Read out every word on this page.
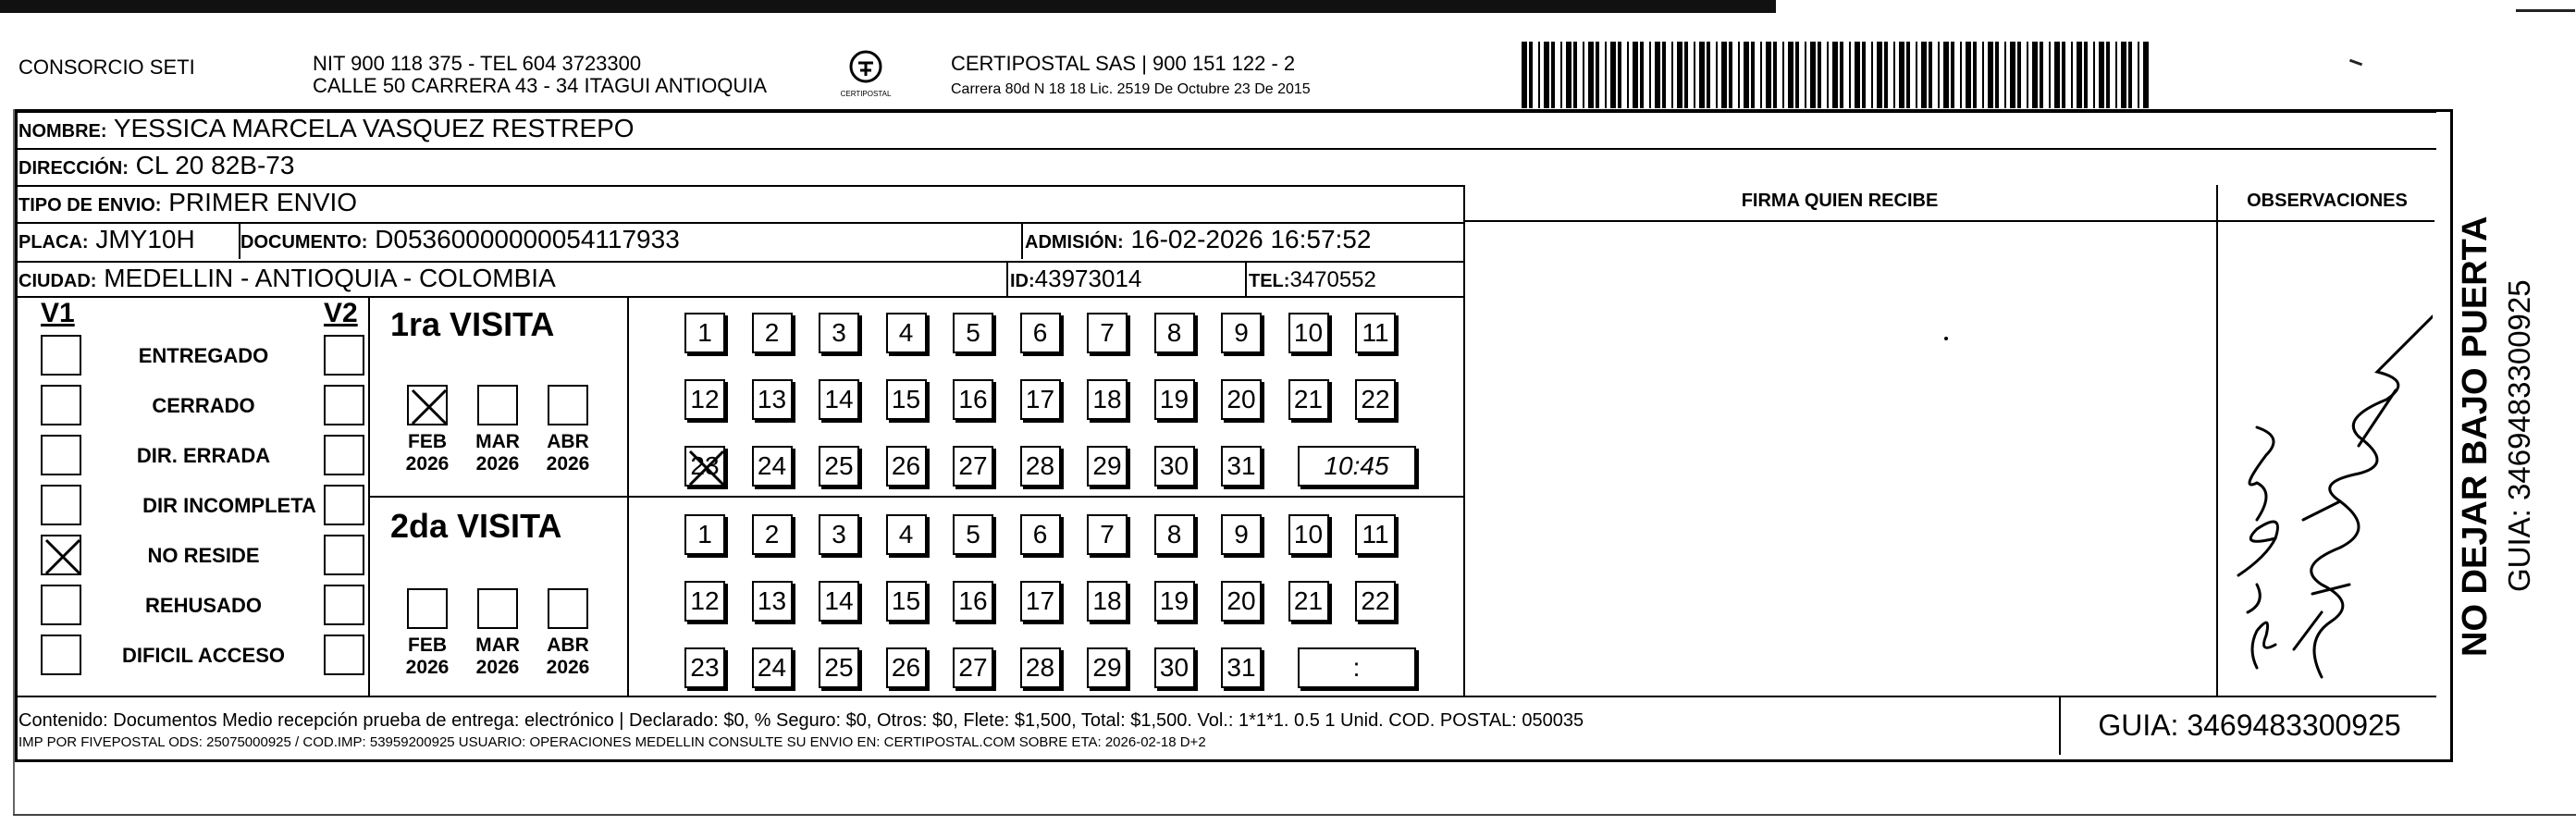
CONSORCIO SETI	NIT 900 118 375 - TEL 604 3723300
CALLE 50 CARRERA 43 - 34 ITAGUI ANTIOQUIA	CERTIPOSTAL
CERTIPOSTAL SAS | 900 151 122 - 2
Carrera 80d N 18 18 Lic. 2519 De Octubre 23 De 2015
NOMBRE: YESSICA MARCELA VASQUEZ RESTREPO
DIRECCIÓN: CL 20 82B-73
TIPO DE ENVIO: PRIMER ENVIO
PLACA: JMY10H	DOCUMENTO: D05360000000054117933	ADMISIÓN: 16-02-2026 16:57:52
CIUDAD: MEDELLIN - ANTIOQUIA - COLOMBIA	ID:43973014	TEL:3470552
FIRMA QUIEN RECIBE	OBSERVACIONES
V1	V2
ENTREGADO
CERRADO
DIR. ERRADA
DIR INCOMPLETA
NO RESIDE
REHUSADO
DIFICIL ACCESO
1ra VISITA
2da VISITA
FEB
2026
MAR
2026
ABR
2026
FEB
2026
MAR
2026
ABR
2026
1	2	3	4	5	6	7	8	9	10 11
12 13 14 15 16 17 18 19 20 21 22
23 24 25 26 27 28 29 30 31	10:45
1	2	3	4	5	6	7	8	9	10 11
12 13 14 15 16 17 18 19 20 21 22
23 24 25 26 27 28 29 30 31	:
Contenido: Documentos Medio recepción prueba de entrega: electrónico | Declarado: $0, % Seguro: $0, Otros: $0, Flete: $1,500, Total: $1,500. Vol.: 1*1*1. 0.5 1 Unid. COD. POSTAL: 050035
IMP POR FIVEPOSTAL ODS: 25075000925 / COD.IMP: 53959200925 USUARIO: OPERACIONES MEDELLIN CONSULTE SU ENVIO EN: CERTIPOSTAL.COM SOBRE ETA: 2026-02-18 D+2
GUIA: 3469483300925
NO DEJAR BAJO PUERTA GUIA: 3469483300925
